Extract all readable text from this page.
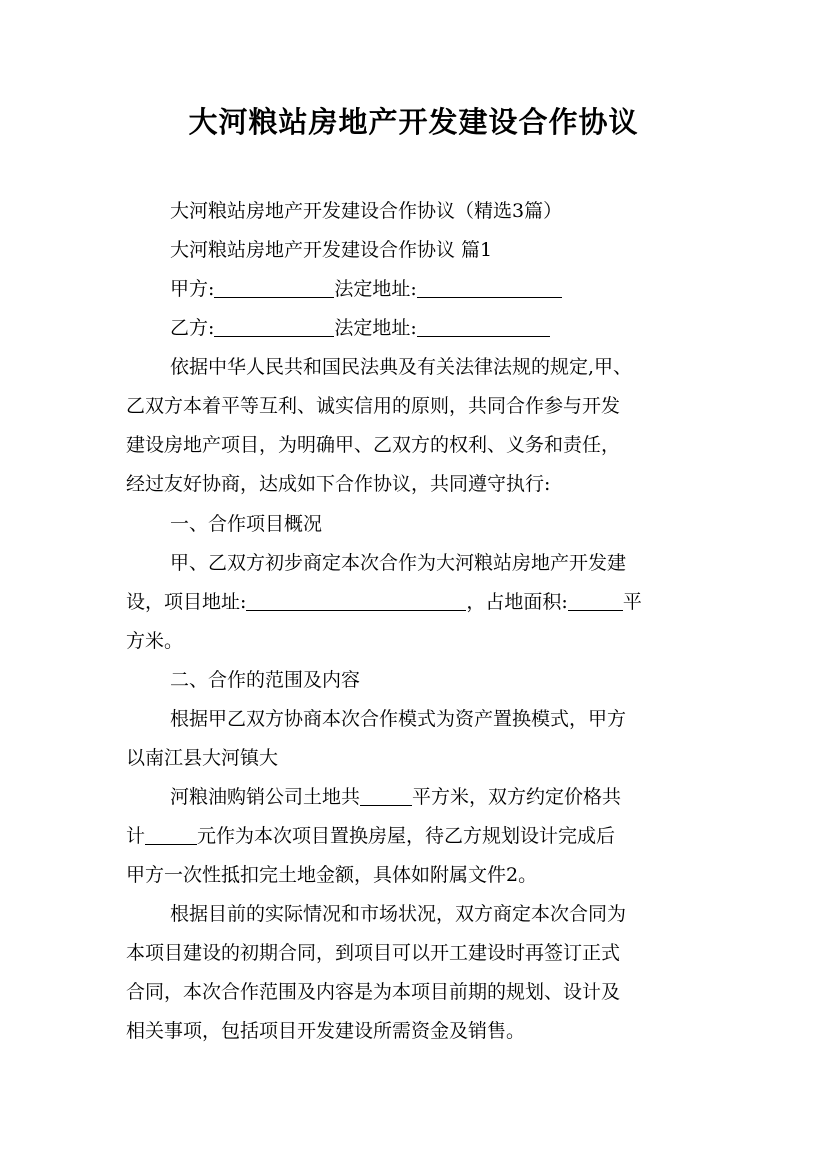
大河粮站房地产开发建设合作协议
大河粮站房地产开发建设合作协议（精选3篇）
大河粮站房地产开发建设合作协议 篇1
甲方:	法定地址:
乙方:	法定地址:
依据中华人民共和国民法典及有关法律法规的规定,甲、
乙双方本着平等互利、诚实信用的原则，共同合作参与开发
建设房地产项目，为明确甲、乙双方的权利、义务和责任，
经过友好协商，达成如下合作协议，共同遵守执行:
一、合作项目概况
甲、乙双方初步商定本次合作为大河粮站房地产开发建
设，项目地址:	，占地面积:	平
方米。
二、合作的范围及内容
根据甲乙双方协商本次合作模式为资产置换模式，甲方
以南江县大河镇大
河粮油购销公司土地共	平方米，双方约定价格共
计	元作为本次项目置换房屋，待乙方规划设计完成后
甲方一次性抵扣完土地金额，具体如附属文件2。
根据目前的实际情况和市场状况，双方商定本次合同为
本项目建设的初期合同，到项目可以开工建设时再签订正式
合同，本次合作范围及内容是为本项目前期的规划、设计及
相关事项，包括项目开发建设所需资金及销售。
